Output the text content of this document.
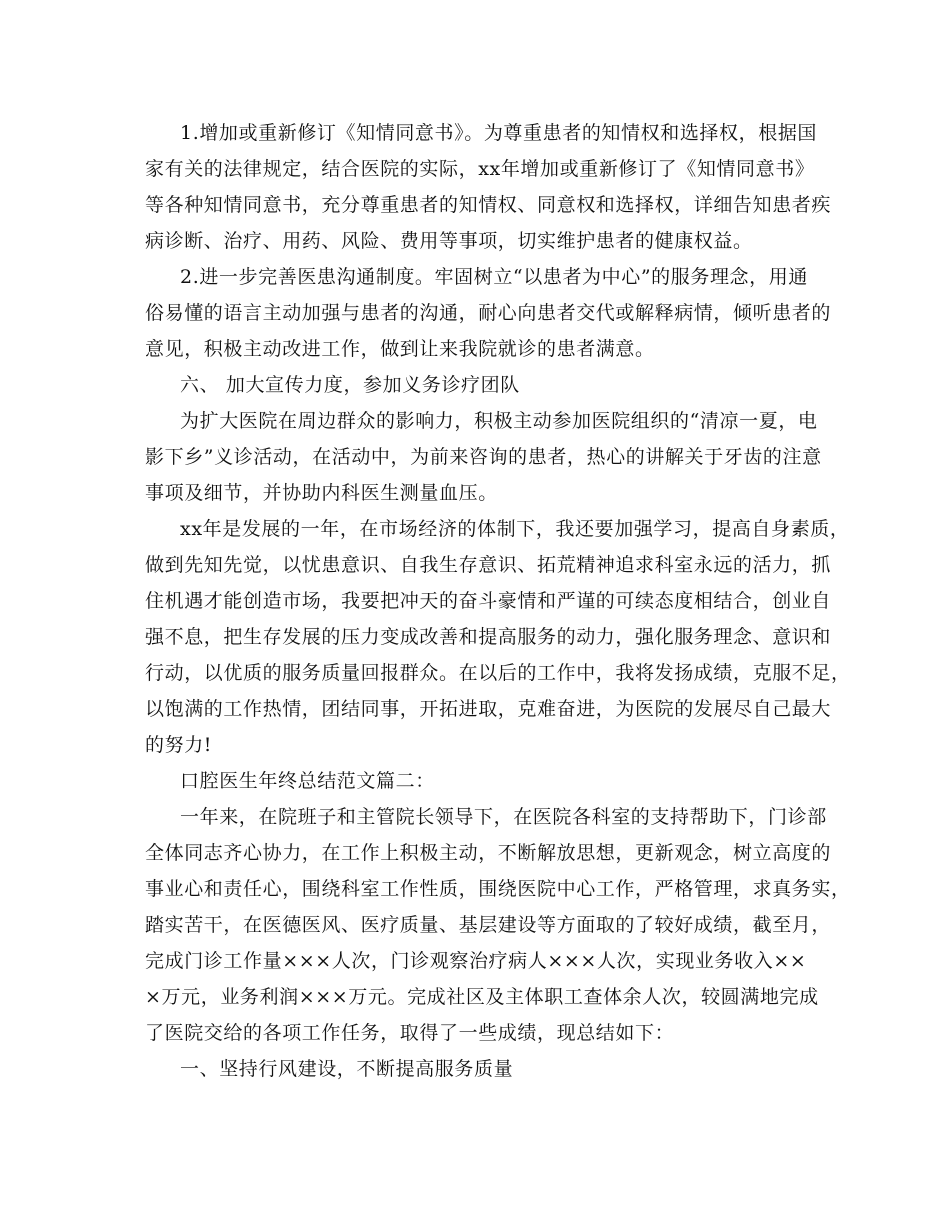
1.增加或重新修订《知情同意书》。为尊重患者的知情权和选择权，根据国
家有关的法律规定，结合医院的实际，xx年增加或重新修订了《知情同意书》
等各种知情同意书，充分尊重患者的知情权、同意权和选择权，详细告知患者疾
病诊断、治疗、用药、风险、费用等事项，切实维护患者的健康权益。
2.进一步完善医患沟通制度。牢固树立“以患者为中心”的服务理念，用通
俗易懂的语言主动加强与患者的沟通，耐心向患者交代或解释病情，倾听患者的
意见，积极主动改进工作，做到让来我院就诊的患者满意。
六、 加大宣传力度，参加义务诊疗团队
为扩大医院在周边群众的影响力，积极主动参加医院组织的“清凉一夏，电
影下乡”义诊活动，在活动中，为前来咨询的患者，热心的讲解关于牙齿的注意
事项及细节，并协助内科医生测量血压。
xx年是发展的一年，在市场经济的体制下，我还要加强学习，提高自身素质，
做到先知先觉，以忧患意识、自我生存意识、拓荒精神追求科室永远的活力，抓
住机遇才能创造市场，我要把冲天的奋斗豪情和严谨的可续态度相结合，创业自
强不息，把生存发展的压力变成改善和提高服务的动力，强化服务理念、意识和
行动，以优质的服务质量回报群众。在以后的工作中，我将发扬成绩，克服不足，
以饱满的工作热情，团结同事，开拓进取，克难奋进，为医院的发展尽自己最大
的努力!
口腔医生年终总结范文篇二：
一年来，在院班子和主管院长领导下，在医院各科室的支持帮助下，门诊部
全体同志齐心协力，在工作上积极主动，不断解放思想，更新观念，树立高度的
事业心和责任心，围绕科室工作性质，围绕医院中心工作，严格管理，求真务实，
踏实苦干，在医德医风、医疗质量、基层建设等方面取的了较好成绩，截至月，
完成门诊工作量×××人次，门诊观察治疗病人×××人次，实现业务收入××
×万元，业务利润×××万元。完成社区及主体职工查体余人次，较圆满地完成
了医院交给的各项工作任务，取得了一些成绩，现总结如下：
一、坚持行风建设，不断提高服务质量
